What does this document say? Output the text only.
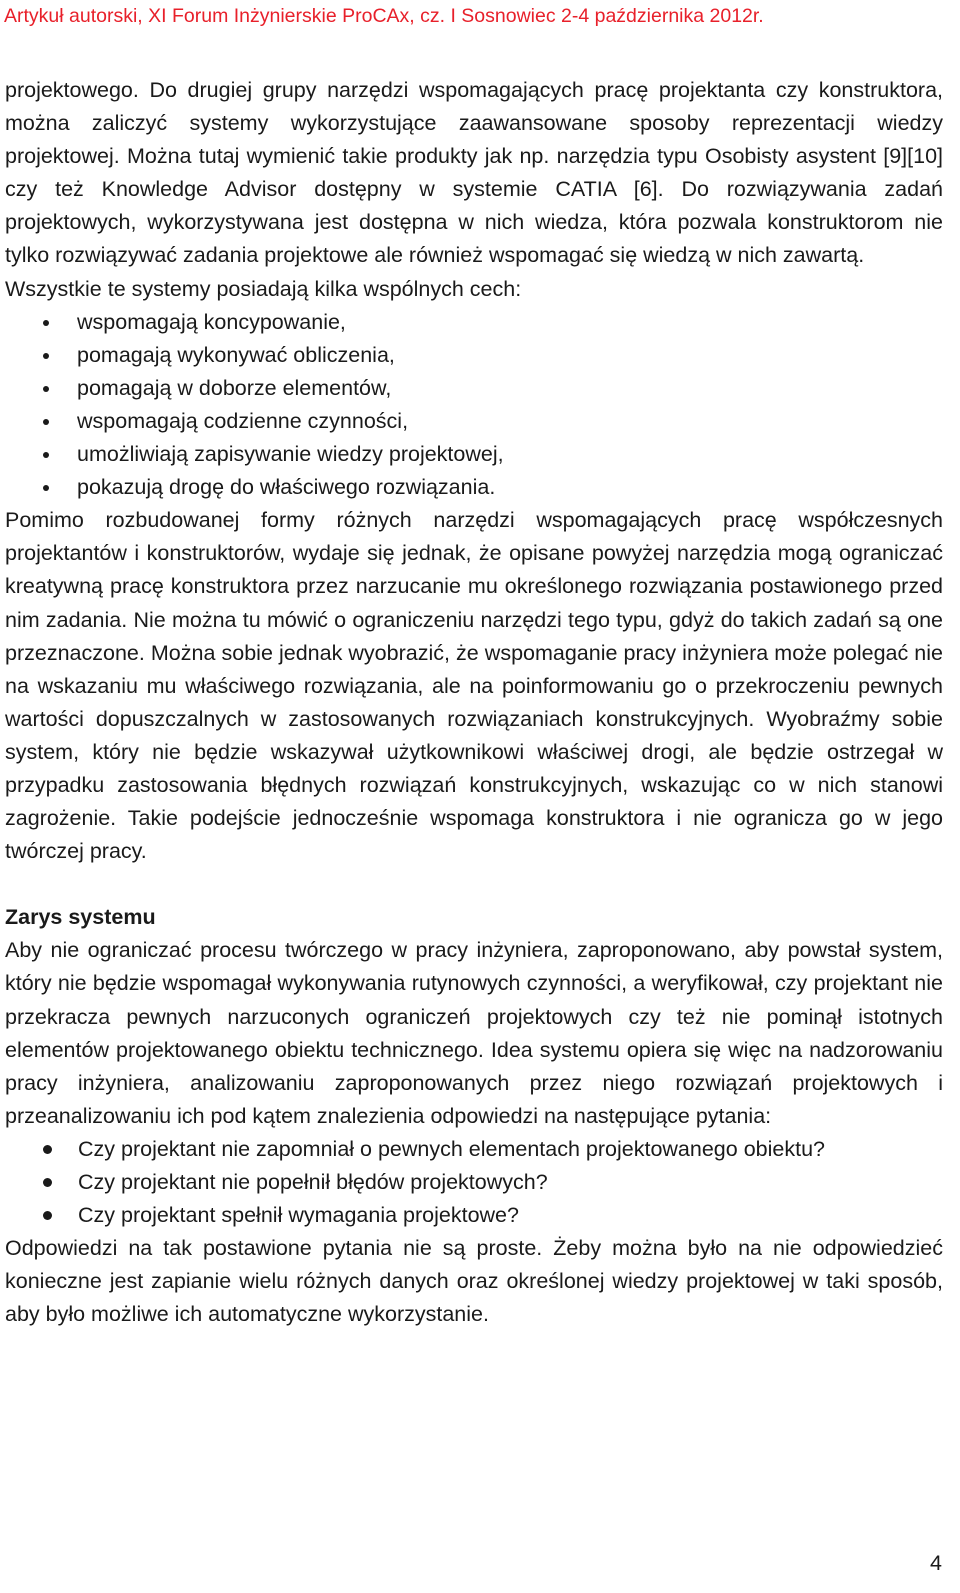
Artykuł autorski, XI Forum Inżynierskie ProCAx, cz. I Sosnowiec 2-4 października 2012r.

projektowego. Do drugiej grupy narzędzi wspomagających pracę projektanta czy konstruktora, można zaliczyć systemy wykorzystujące zaawansowane sposoby reprezentacji wiedzy projektowej. Można tutaj wymienić takie produkty jak np. narzędzia typu Osobisty asystent [9][10] czy też Knowledge Advisor dostępny w systemie CATIA [6]. Do rozwiązywania zadań projektowych, wykorzystywana jest dostępna w nich wiedza, która pozwala konstruktorom nie tylko rozwiązywać zadania projektowe ale również wspomagać się wiedzą w nich zawartą.

Wszystkie te systemy posiadają kilka wspólnych cech:

wspomagają koncypowanie,
pomagają wykonywać obliczenia,
pomagają w doborze elementów,
wspomagają codzienne czynności,
umożliwiają zapisywanie wiedzy projektowej,
pokazują drogę do właściwego rozwiązania.

Pomimo rozbudowanej formy różnych narzędzi wspomagających pracę współczesnych projektantów i konstruktorów, wydaje się jednak, że opisane powyżej narzędzia mogą ograniczać kreatywną pracę konstruktora przez narzucanie mu określonego rozwiązania postawionego przed nim zadania. Nie można tu mówić o ograniczeniu narzędzi tego typu, gdyż do takich zadań są one przeznaczone. Można sobie jednak wyobrazić, że wspomaganie pracy inżyniera może polegać nie na wskazaniu mu właściwego rozwiązania, ale na poinformowaniu go o przekroczeniu pewnych wartości dopuszczalnych w zastosowanych rozwiązaniach konstrukcyjnych. Wyobraźmy sobie system, który nie będzie wskazywał użytkownikowi właściwej drogi, ale będzie ostrzegał w przypadku zastosowania błędnych rozwiązań konstrukcyjnych, wskazując co w nich stanowi zagrożenie. Takie podejście jednocześnie wspomaga konstruktora i nie ogranicza go w jego twórczej pracy.

Zarys systemu

Aby nie ograniczać procesu twórczego w pracy inżyniera, zaproponowano, aby powstał system, który nie będzie wspomagał wykonywania rutynowych czynności, a weryfikował, czy projektant nie przekracza pewnych narzuconych ograniczeń projektowych czy też nie pominął istotnych elementów projektowanego obiektu technicznego. Idea systemu opiera się więc na nadzorowaniu pracy inżyniera, analizowaniu zaproponowanych przez niego rozwiązań projektowych i przeanalizowaniu ich pod kątem znalezienia odpowiedzi na następujące pytania:

Czy projektant nie zapomniał o pewnych elementach projektowanego obiektu?
Czy projektant nie popełnił błędów projektowych?
Czy projektant spełnił wymagania projektowe?

Odpowiedzi na tak postawione pytania nie są proste. Żeby można było na nie odpowiedzieć konieczne jest zapianie wielu różnych danych oraz określonej wiedzy projektowej w taki sposób, aby było możliwe ich automatyczne wykorzystanie.

4
